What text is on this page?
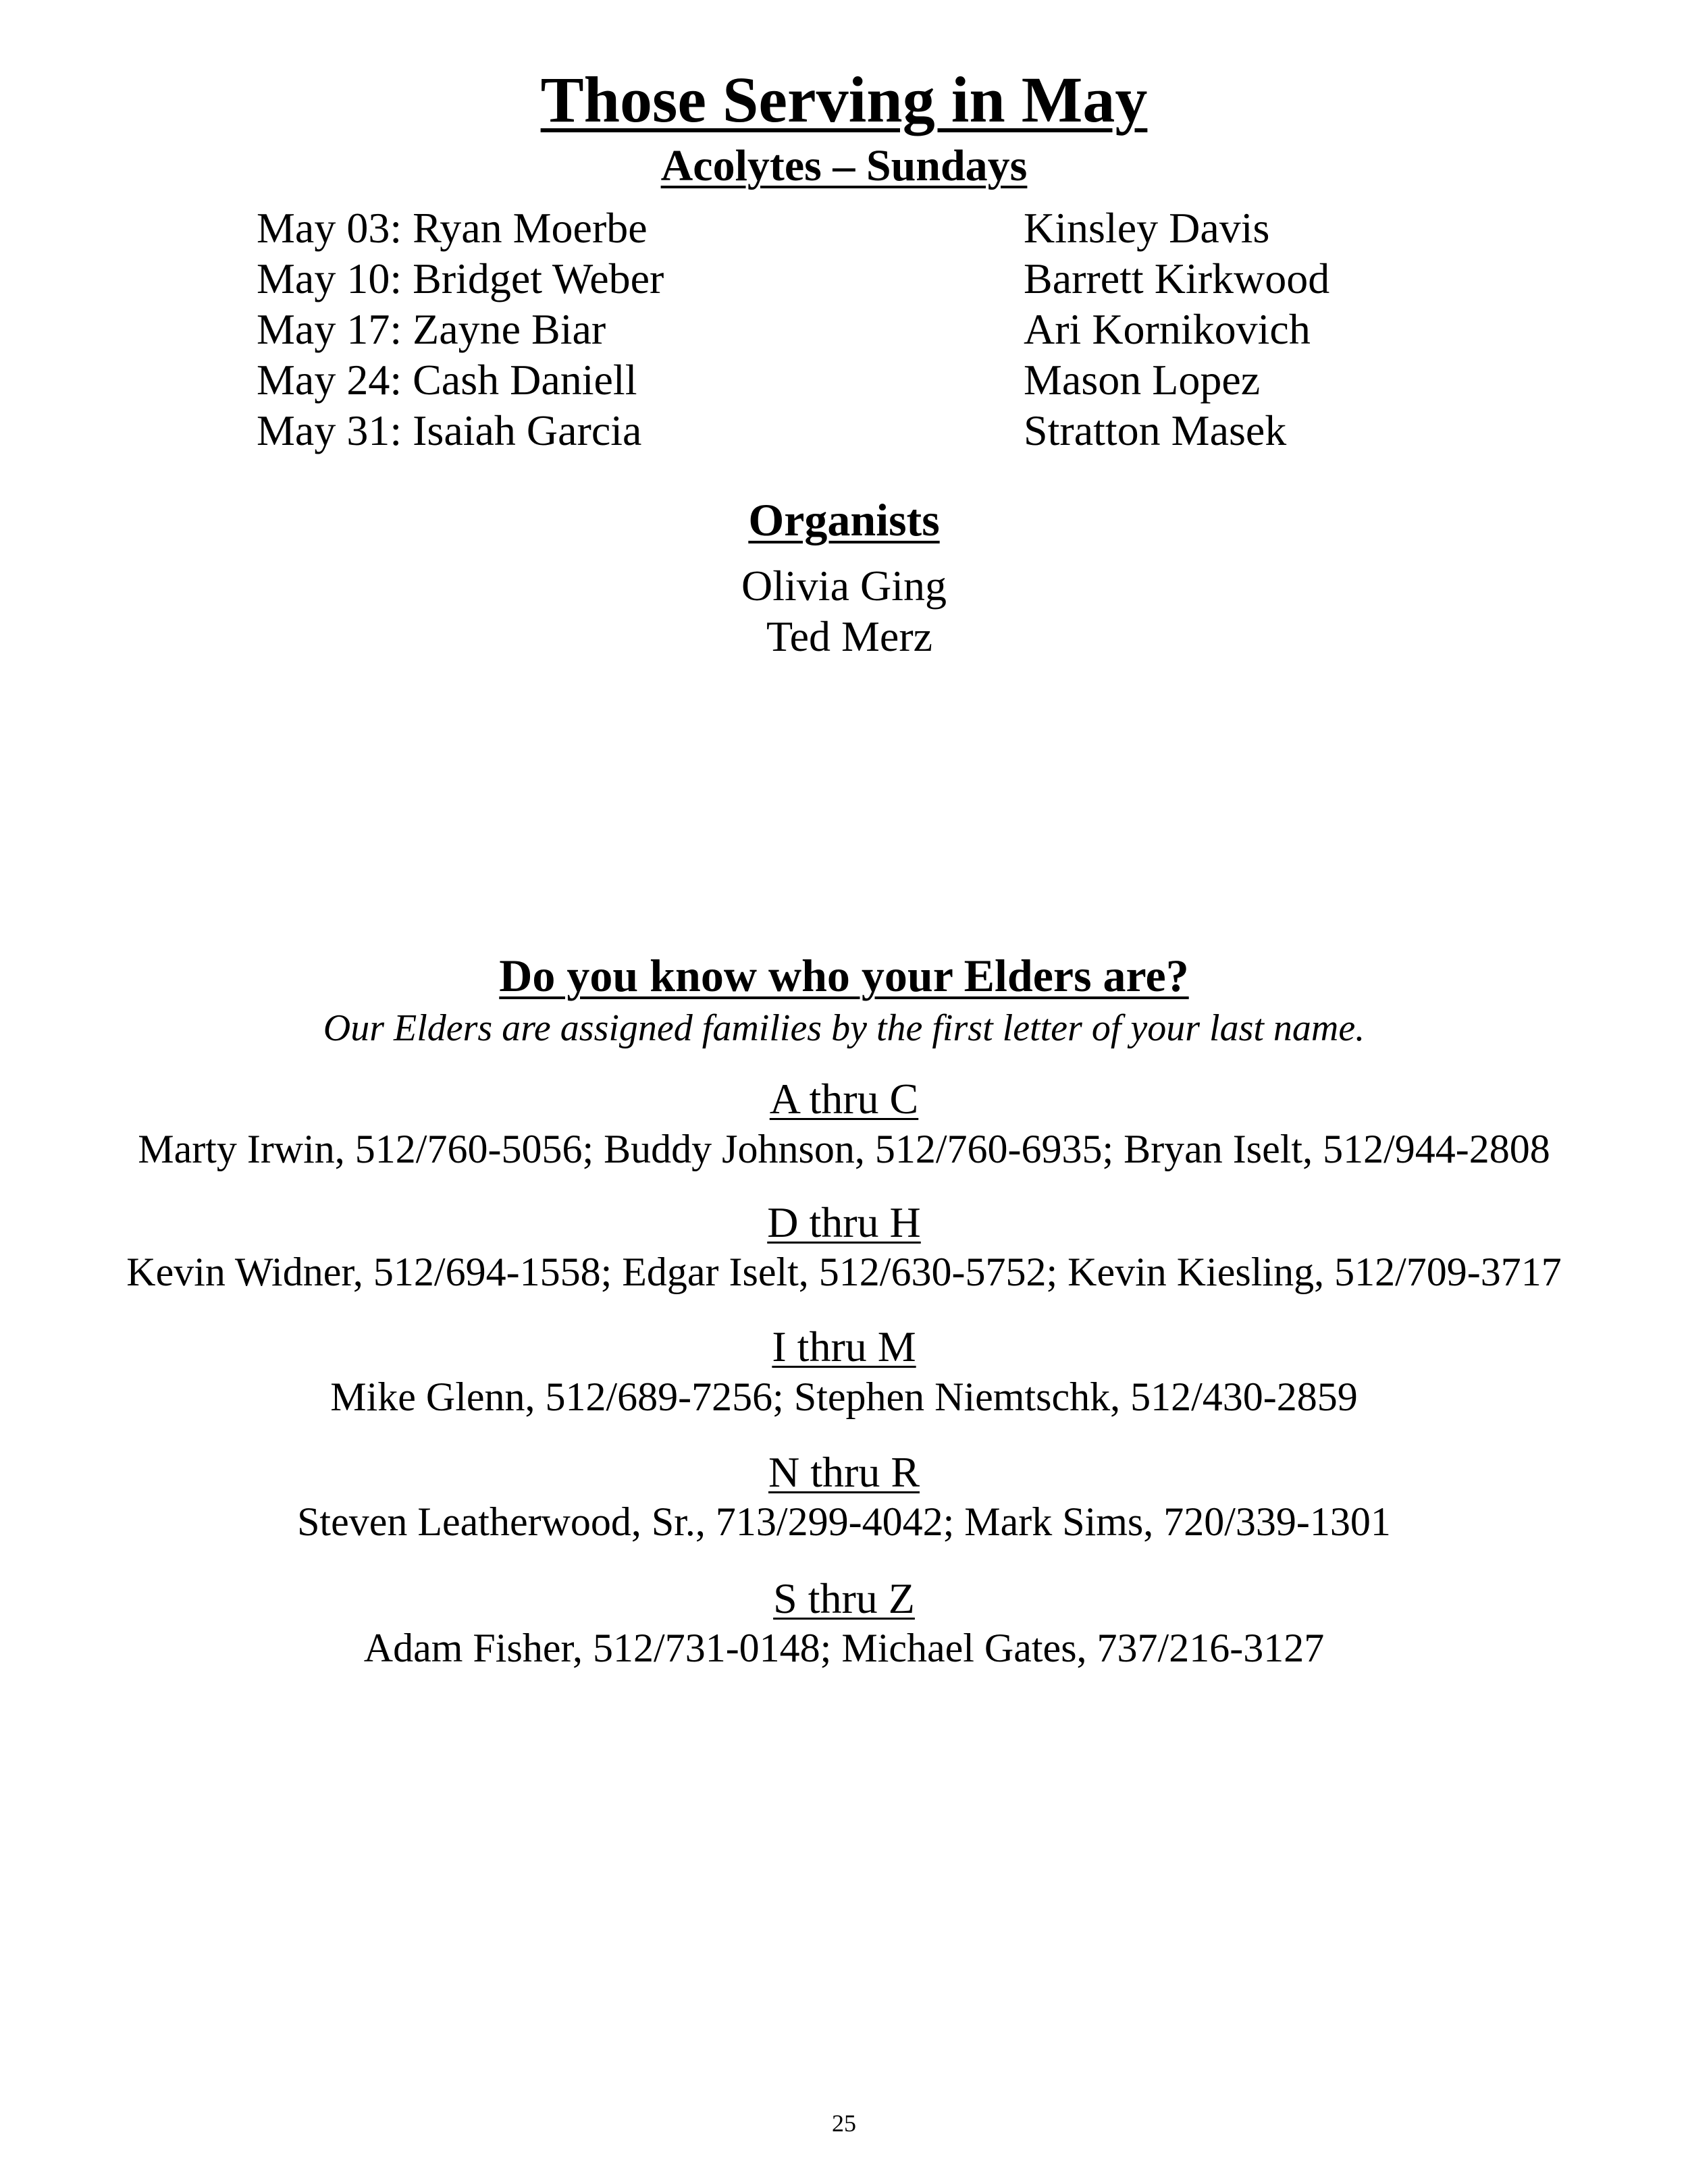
Those Serving in May
Acolytes – Sundays
May 03: Ryan Moerbe
May 10: Bridget Weber
May 17: Zayne Biar
May 24: Cash Daniell
May 31: Isaiah Garcia
Kinsley Davis
Barrett Kirkwood
Ari Kornikovich
Mason Lopez
Stratton Masek
Organists
Olivia Ging
Ted Merz
Do you know who your Elders are?
Our Elders are assigned families by the first letter of your last name.
A thru C
Marty Irwin, 512/760-5056; Buddy Johnson, 512/760-6935; Bryan Iselt, 512/944-2808
D thru H
Kevin Widner, 512/694-1558; Edgar Iselt, 512/630-5752; Kevin Kiesling, 512/709-3717
I thru M
Mike Glenn, 512/689-7256; Stephen Niemtschk, 512/430-2859
N thru R
Steven Leatherwood, Sr., 713/299-4042; Mark Sims, 720/339-1301
S thru Z
Adam Fisher, 512/731-0148; Michael Gates, 737/216-3127
25
